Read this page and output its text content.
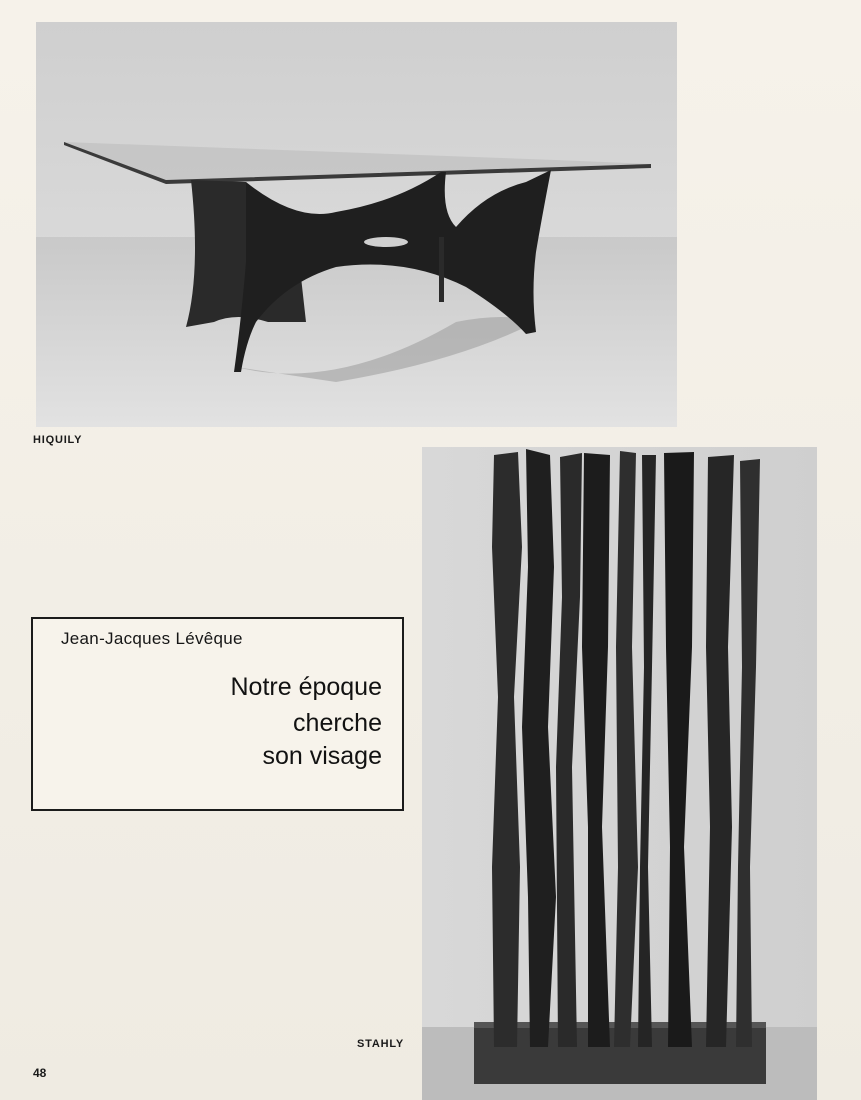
HIQUILY
Jean-Jacques Lévêque
Notre époque
cherche
son visage
STAHLY
48
